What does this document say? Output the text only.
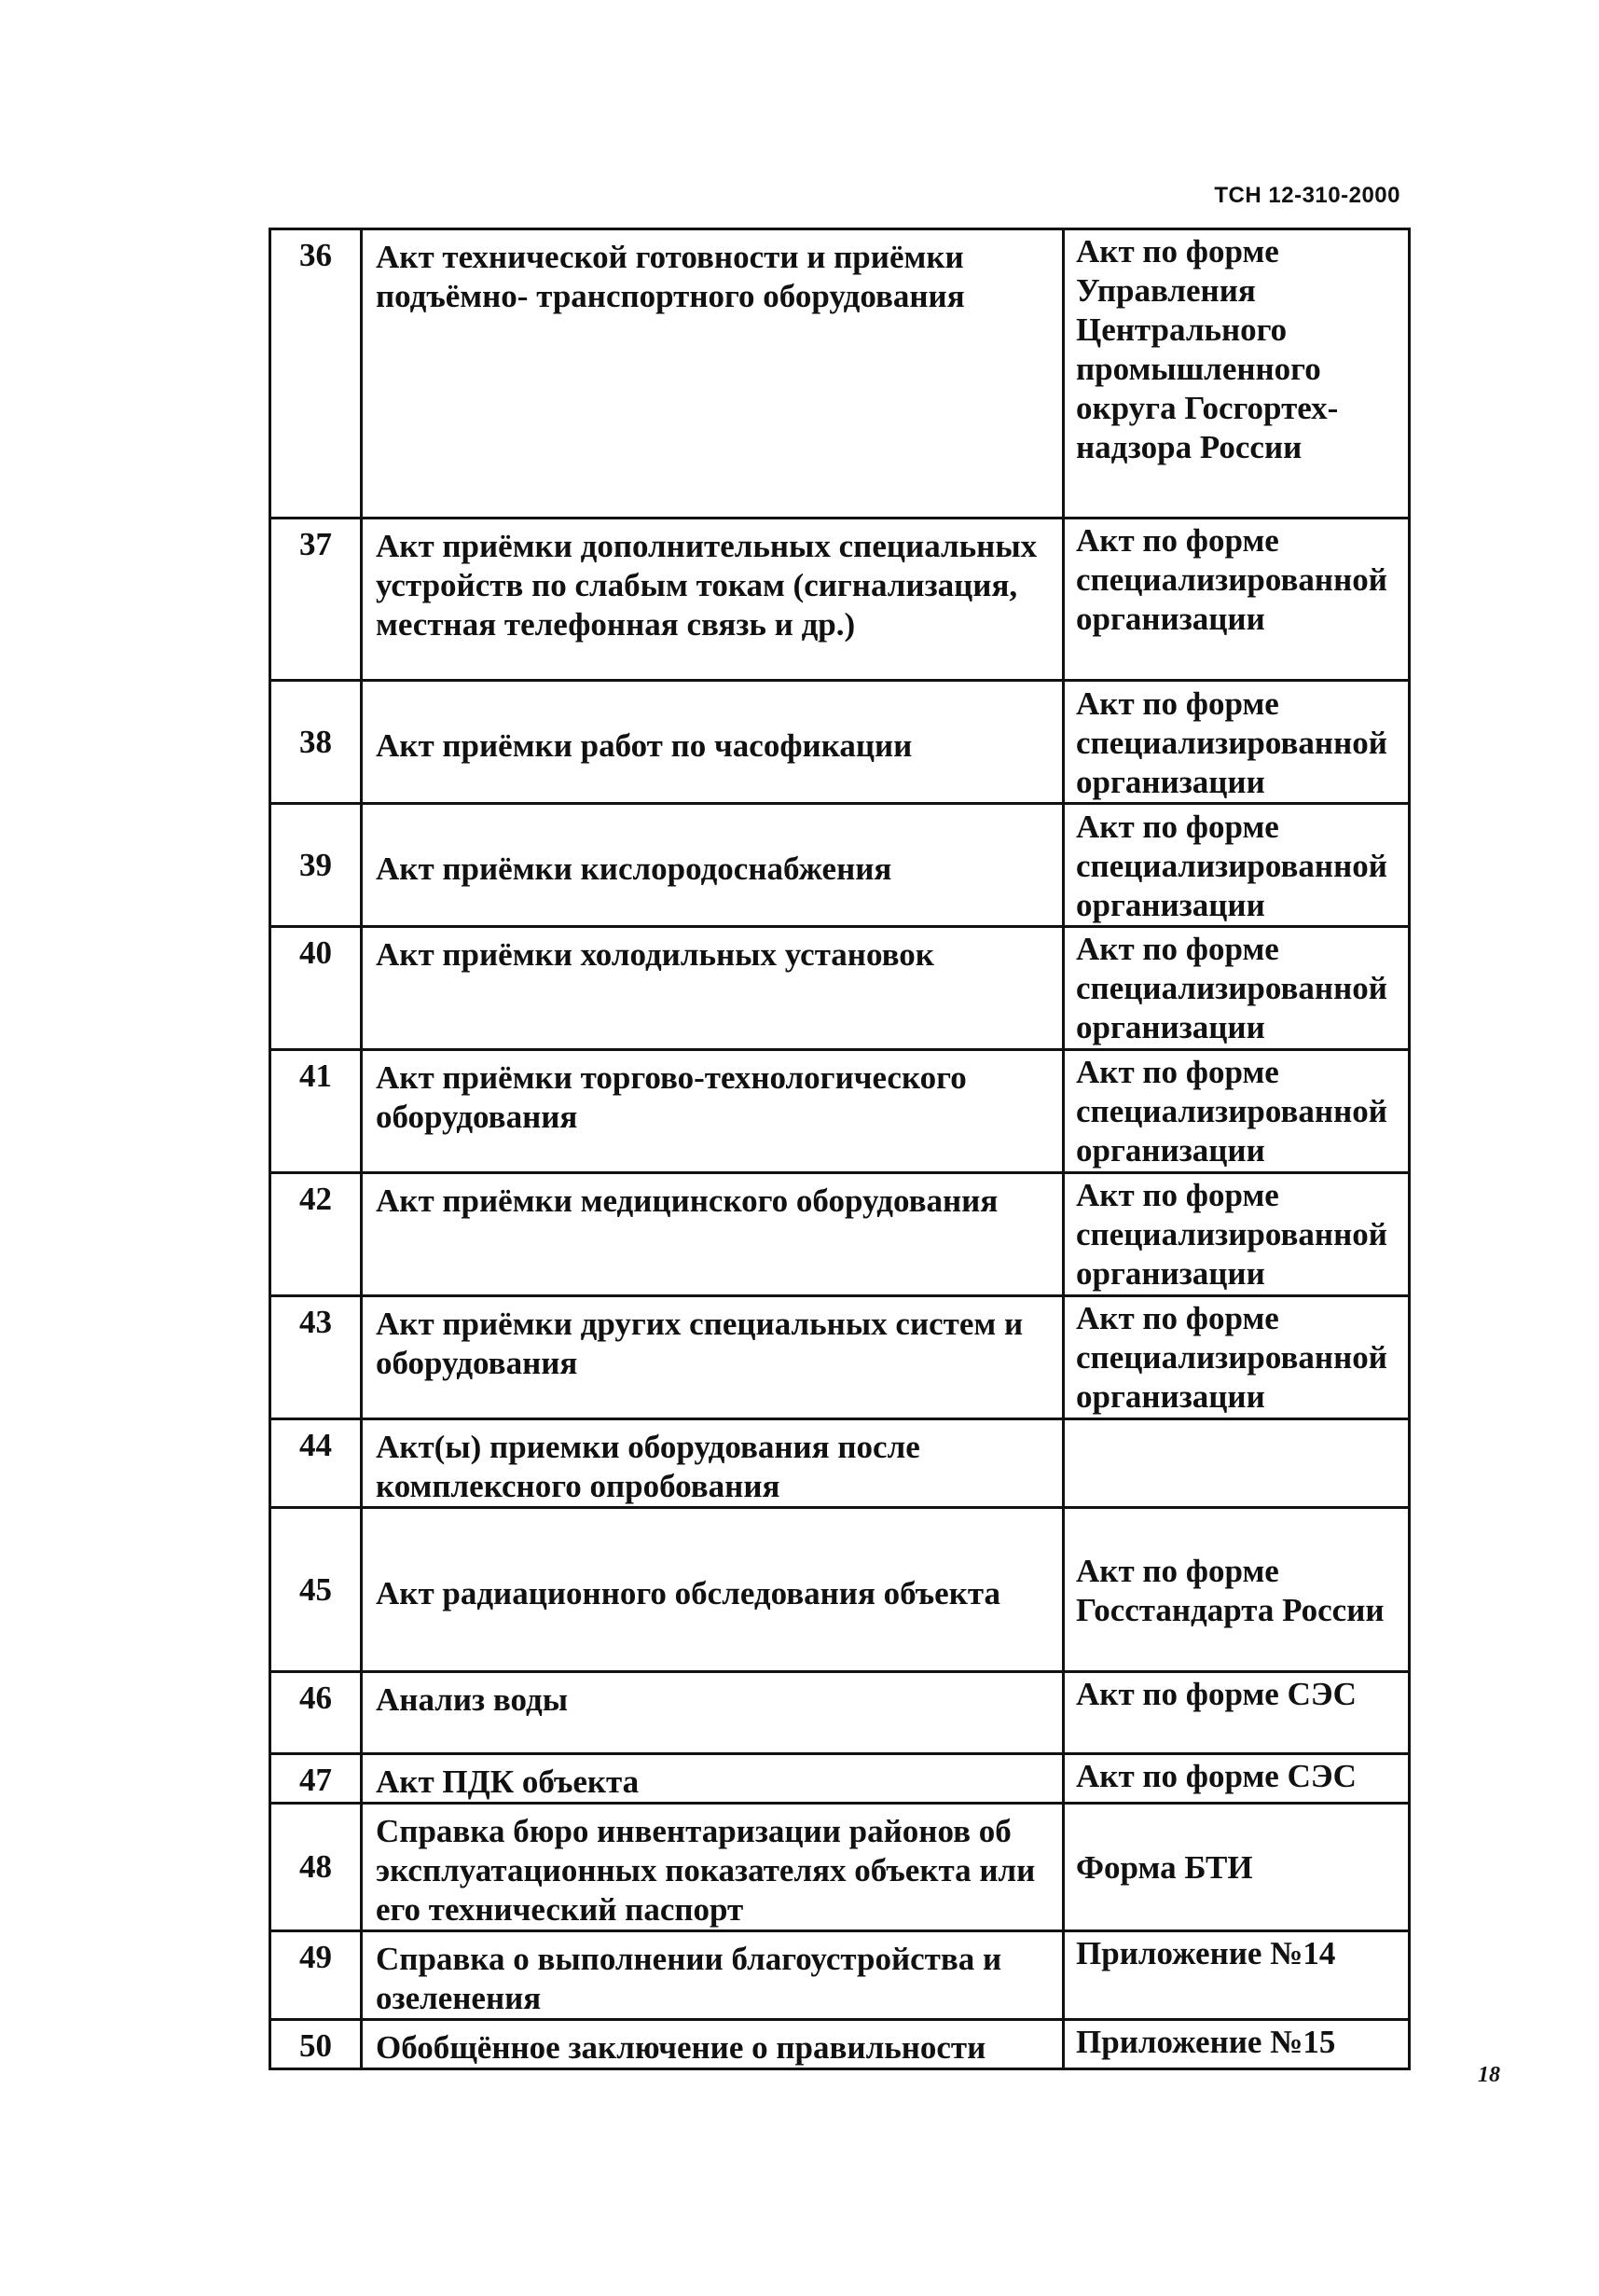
ТСН 12-310-2000
36	Акт технической готовности и приёмки подъёмно- транспортного оборудования	Акт по форме Управления Центрального промышленного округа Госгортех-надзора России
37	Акт приёмки дополнительных специальных устройств по слабым токам (сигнализация, местная телефонная связь и др.)	Акт по форме специализированной организации
38	Акт приёмки работ по часофикации	Акт по форме специализированной организации
39	Акт приёмки кислородоснабжения	Акт по форме специализированной организации
40	Акт приёмки холодильных установок	Акт по форме специализированной организации
41	Акт приёмки торгово-технологического оборудования	Акт по форме специализированной организации
42	Акт приёмки медицинского оборудования	Акт по форме специализированной организации
43	Акт приёмки других специальных систем и оборудования	Акт по форме специализированной организации
44	Акт(ы) приемки оборудования после комплексного опробования	
45	Акт радиационного обследования объекта	Акт по форме Госстандарта России
46	Анализ воды	Акт по форме СЭС
47	Акт ПДК объекта	Акт по форме СЭС
48	Справка бюро инвентаризации районов об эксплуатационных показателях объекта или его технический паспорт	Форма БТИ
49	Справка о выполнении благоустройства и озеленения	Приложение №14
50	Обобщённое заключение о правильности	Приложение №15
18
